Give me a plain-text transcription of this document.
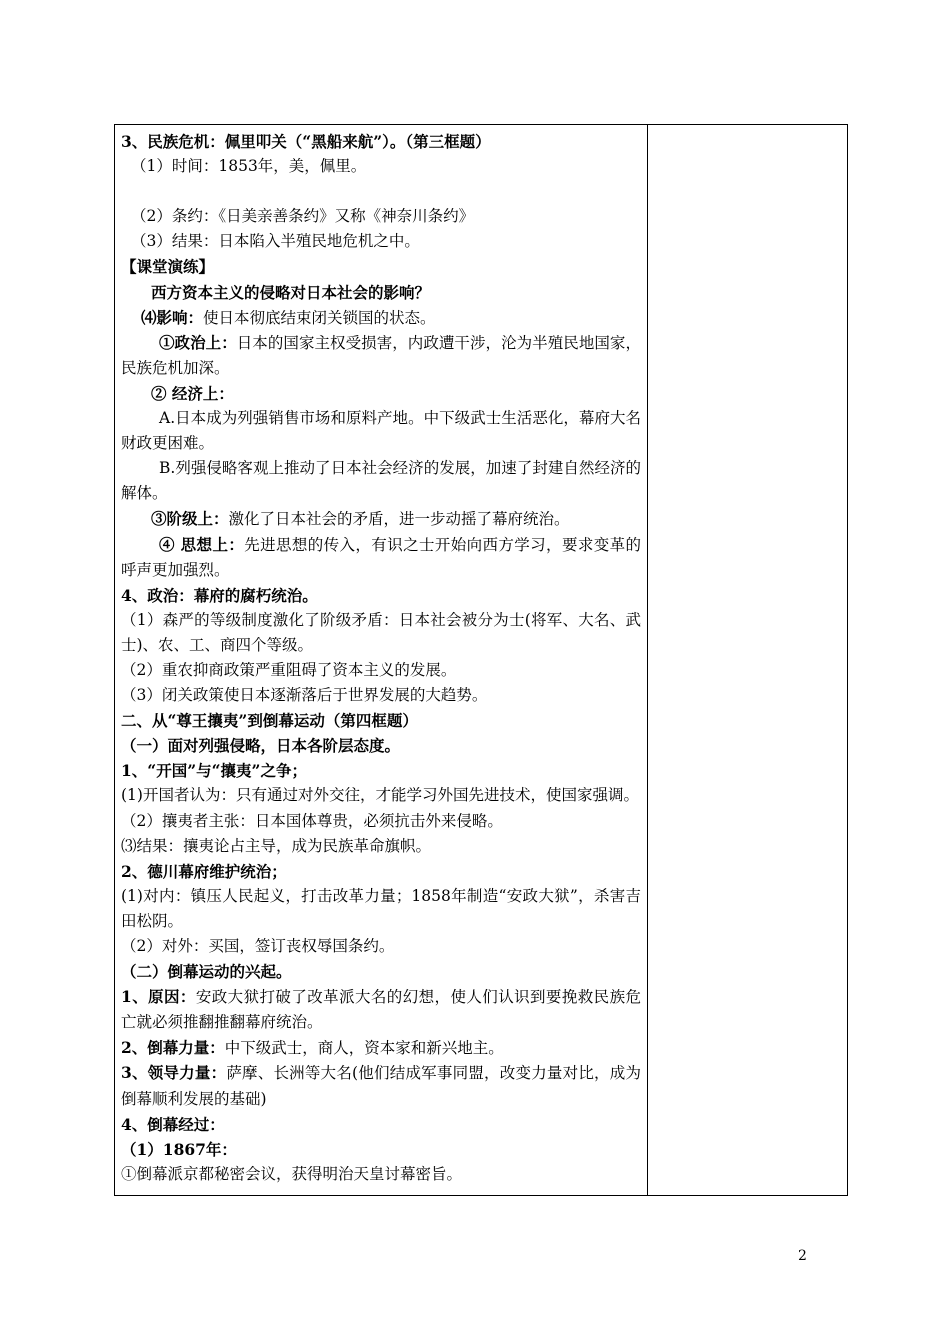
3、民族危机：佩里叩关（“黑船来航”）。（第三框题）
（1）时间：1853年，美，佩里。
（2）条约：《日美亲善条约》又称《神奈川条约》
（3）结果：日本陷入半殖民地危机之中。
【课堂演练】
西方资本主义的侵略对日本社会的影响？
⑷影响：使日本彻底结束闭关锁国的状态。
①政治上：日本的国家主权受损害，内政遭干涉，沦为半殖民地国家，民族危机加深。
② 经济上：
A.日本成为列强销售市场和原料产地。中下级武士生活恶化，幕府大名财政更困难。
B.列强侵略客观上推动了日本社会经济的发展，加速了封建自然经济的解体。
③阶级上：激化了日本社会的矛盾，进一步动摇了幕府统治。
④ 思想上：先进思想的传入，有识之士开始向西方学习，要求变革的呼声更加强烈。
4、政治：幕府的腐朽统治。
（1）森严的等级制度激化了阶级矛盾：日本社会被分为士(将军、大名、武士)、农、工、商四个等级。
（2）重农抑商政策严重阻碍了资本主义的发展。
（3）闭关政策使日本逐渐落后于世界发展的大趋势。
二、从“尊王攘夷”到倒幕运动（第四框题）
（一）面对列强侵略，日本各阶层态度。
1、“开国”与“攘夷”之争；
(1)开国者认为：只有通过对外交往，才能学习外国先进技术，使国家强调。
（2）攘夷者主张：日本国体尊贵，必须抗击外来侵略。
⑶结果：攘夷论占主导，成为民族革命旗帜。
2、德川幕府维护统治；
(1)对内：镇压人民起义，打击改革力量；1858年制造“安政大狱”，杀害吉田松阴。
（2）对外：买国，签订丧权辱国条约。
（二）倒幕运动的兴起。
1、原因：安政大狱打破了改革派大名的幻想，使人们认识到要挽救民族危亡就必须推翻推翻幕府统治。
2、倒幕力量：中下级武士，商人，资本家和新兴地主。
3、领导力量：萨摩、长洲等大名(他们结成军事同盟，改变力量对比，成为倒幕顺利发展的基础)
4、倒幕经过：
（1）1867年：
①倒幕派京都秘密会议，获得明治天皇讨幕密旨。
2
